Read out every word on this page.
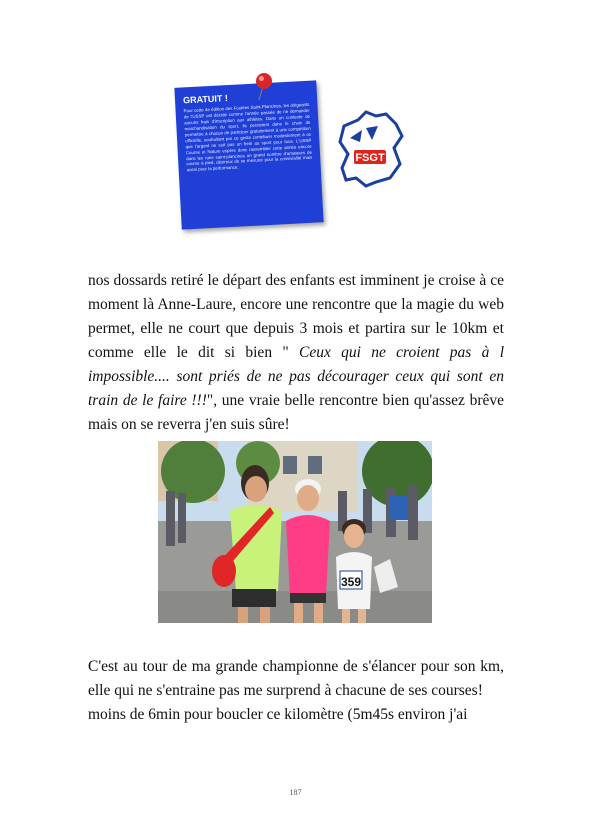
GRATUIT !

Pour cette 4e édition des Foulées Saint-Plancines, les dirigeants de l'USSP ont décidé comme l'année passée de ne demander aucuns frais d'inscription aux athlètes. Dans un contexte de marchandisation du sport, ils persistent dans le choix de permettre à chacun de participer gratuitement à une compétition officielle, souhaitant par ce geste contribuer modestement à ce que l'argent ne soit pas un frein au sport pour tous. L'USSP Course et Nature espère donc rassembler cette année encore dans les rues saint-plancines un grand nombre d'amateurs de course à pied, désireux de se mesurer pour la convivialité mais aussi pour la performance.

FSGT

nos dossards retiré le départ des enfants est imminent je croise à ce moment là Anne-Laure, encore une rencontre que la magie du web permet, elle ne court que depuis 3 mois et partira sur le 10km et comme elle le dit si bien " Ceux qui ne croient pas à l impossible.... sont priés de ne pas décourager ceux qui sont en train de le faire !!!", une vraie belle rencontre bien qu'assez brêve mais on se reverra j'en suis sûre!

359

C'est au tour de ma grande championne de s'élancer pour son km, elle qui ne s'entraine pas me surprend à chacune de ses courses!

moins de 6min pour boucler ce kilomètre (5m45s environ j'ai

187
